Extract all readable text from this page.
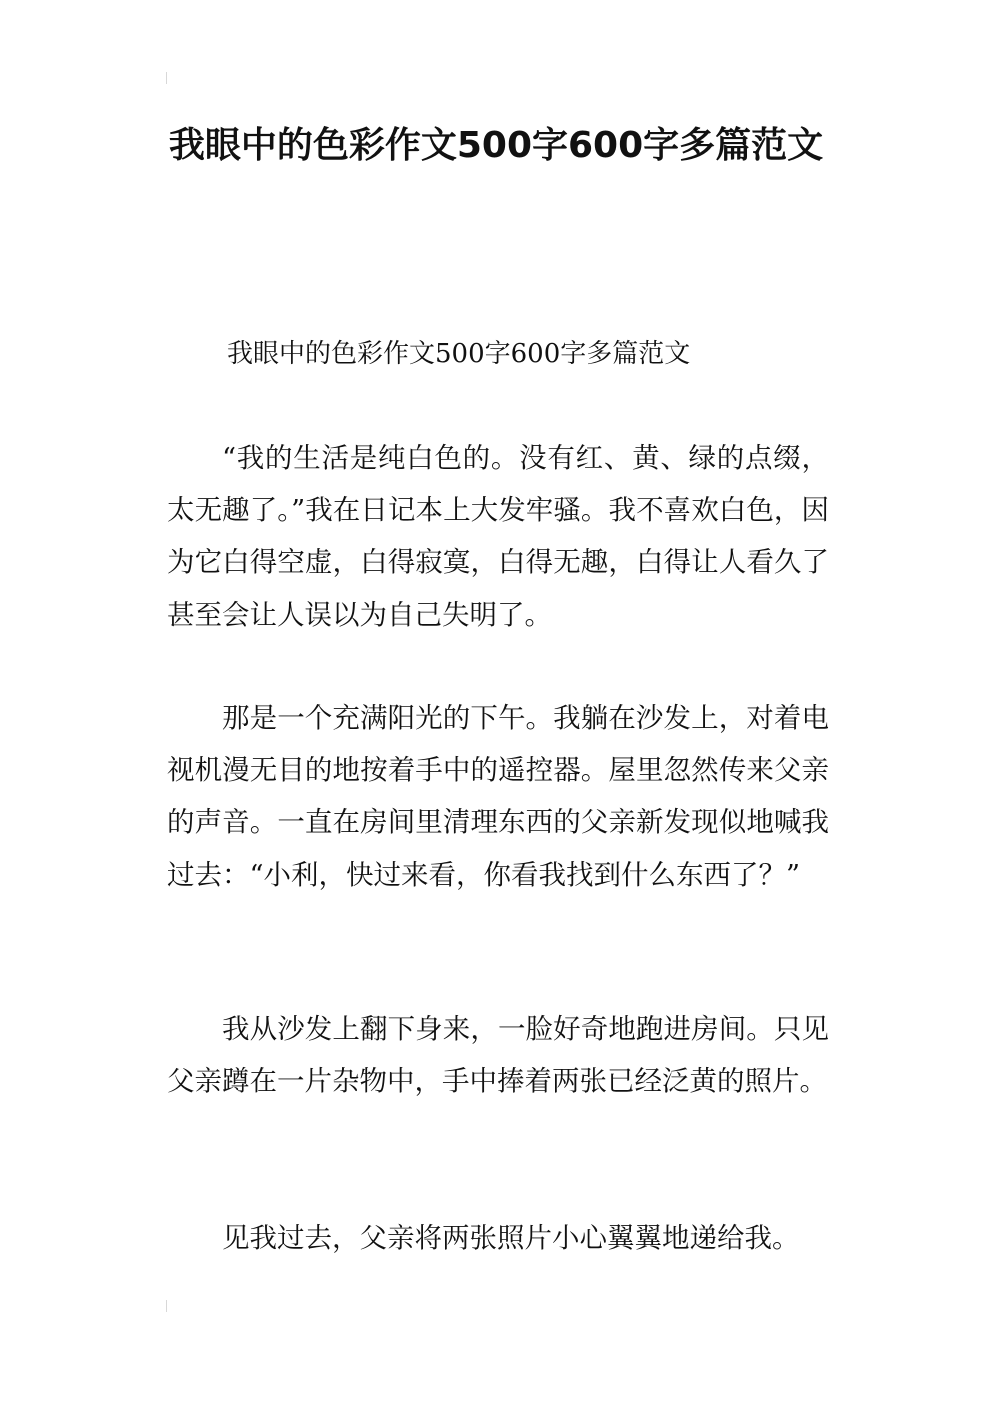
我眼中的色彩作文500字600字多篇范文
我眼中的色彩作文500字600字多篇范文

“我的生活是纯白色的。没有红、黄、绿的点缀，太无趣了。”我在日记本上大发牢骚。我不喜欢白色，因为它白得空虚，白得寂寞，白得无趣，白得让人看久了甚至会让人误以为自己失明了。

那是一个充满阳光的下午。我躺在沙发上，对着电视机漫无目的地按着手中的遥控器。屋里忽然传来父亲的声音。一直在房间里清理东西的父亲新发现似地喊我过去：“小利，快过来看，你看我找到什么东西了？”

我从沙发上翻下身来，一脸好奇地跑进房间。只见父亲蹲在一片杂物中，手中捧着两张已经泛黄的照片。

见我过去，父亲将两张照片小心翼翼地递给我。
